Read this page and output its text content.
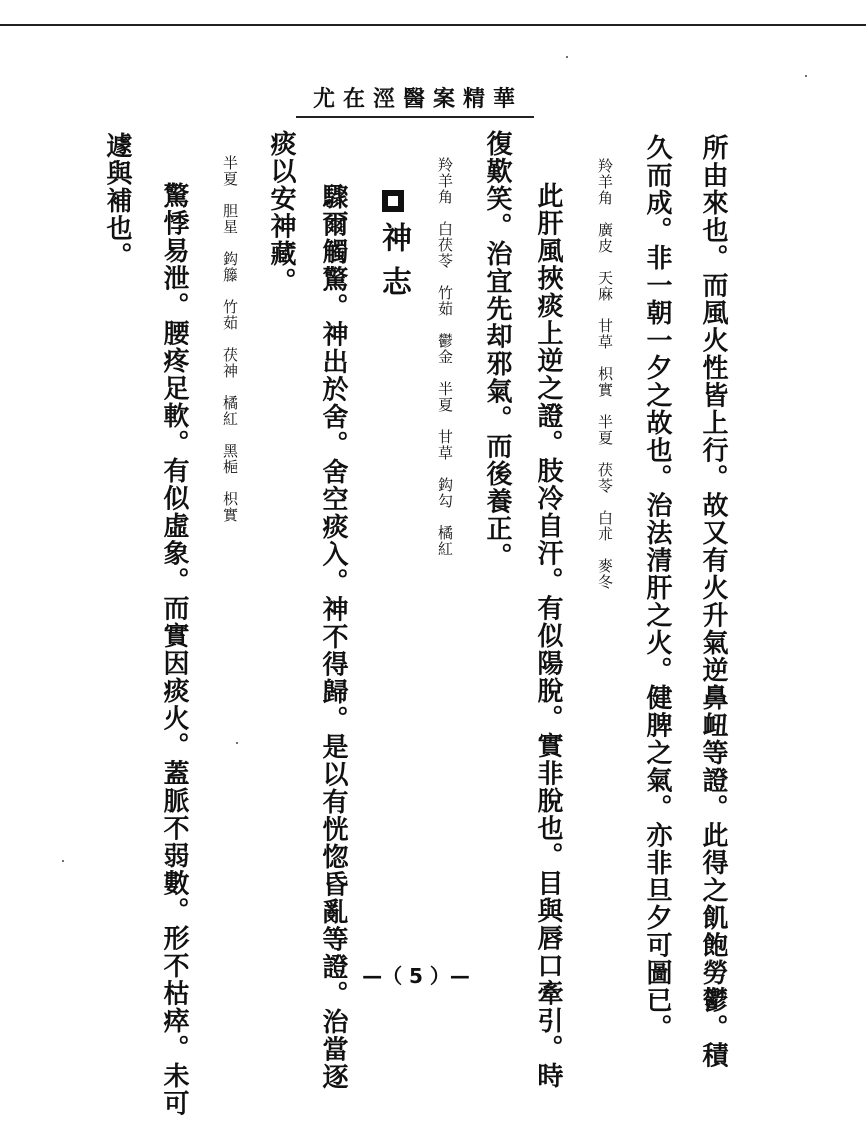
尤在涇醫案精華
所由來也。而風火性皆上行。故又有火升氣逆鼻衄等證。此得之飢飽勞鬱。積
久而成。非一朝一夕之故也。治法清肝之火。健脾之氣。亦非旦夕可圖已。
羚羊角　廣皮　天麻　甘草　枳實　半夏　茯苓　白朮　麥冬
此肝風挾痰上逆之證。肢冷自汗。有似陽脫。實非脫也。目與唇口牽引。時
復歎笑。治宜先却邪氣。而後養正。
羚羊角　白茯苓　竹茹　鬱金　半夏　甘草　鈎勾　橘紅
神志
驟爾觸驚。神出於舍。舍空痰入。神不得歸。是以有恍惚昏亂等證。治當逐
痰以安神藏。
半夏　胆星　鈎籐　竹茹　茯神　橘紅　黑梔　枳實
驚悸易泄。腰疼足軟。有似虛象。而實因痰火。蓋脈不弱數。形不枯瘁。未可
遽與補也。
—（ 5 ）—
